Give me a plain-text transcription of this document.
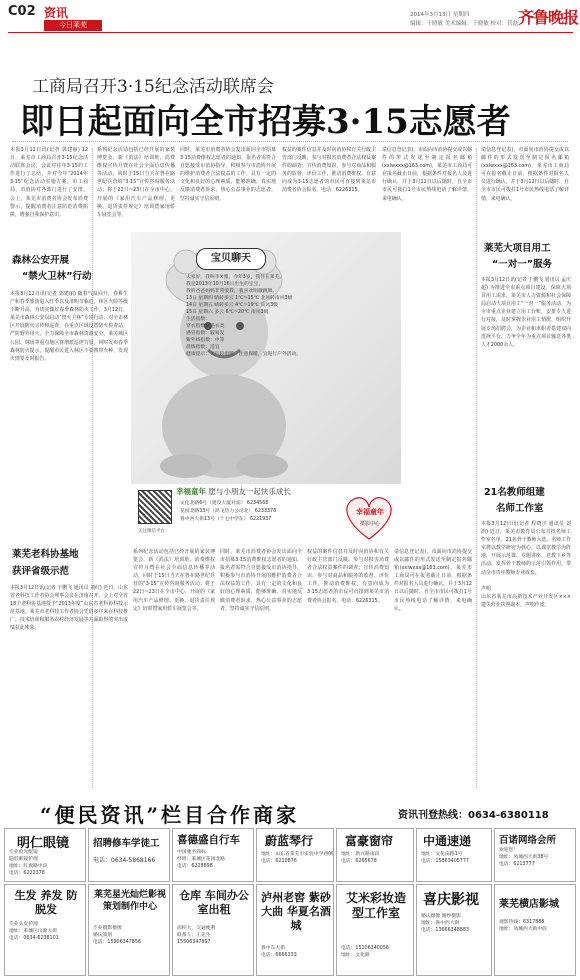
C02 资讯
今日莱芜
2014年3月13日 星期四
编辑：于晓敏 美术编辑：于晓敏 校对：管磊 齐鲁晚报
工商局召开3·15纪念活动联席会
即日起面向全市招募3·15志愿者
本报3月12日讯(记者 郭建丽) 12日，莱芜市工商局召开3·15纪念活动联席会议，会议对往年3·15的工作进行了总结，并对今年“2014年3·15”纪念活动实施方案，市工商局、市消协对各部门进行了安排。会上，莱芜市消费者协会发布消费警示，提醒消费者注意防范消费陷阱，增强自我保护意识。
系列纪念活动包括已经开展的家装博览会、新《消法》培训班、消费维权宣传月暨在社会全面信息传播等活动。同时于15日当天在鲁在路世纪兵营的“3·15”宣传咨询服务活动；将于22日~23日在全市中心，开展的《家用汽车产品修理、更换、退货责任规定》培训暨家用轿车展览会等。
同时，莱芜市消费者协会发出面向全市招募3·15消费维权志愿者的通知，报名者需符合自愿接受市消协指导，积极参与市消协开展的维护消费者合法权益的工作，具有一定的文化和良好的心理素质，能够准确、真实地反映消费者诉求，热心公益事业的志愿者，坚持诚实守信原则。
权益的案件信息并及时向消协和有关行政主管部门反映，参与对损害消费者合法权益案件的调查；宣传消费知识，参与对商品和服务的监督、评价工作，推动消费维权。有意向成为3·15志愿者的市民可直接到莱芜市消费者协会报名，电话：6226315。
请信息登记表)，市面向市消协提交或以邮件的形式发送至制定报名邮箱(xxlwxxx@163.com)，莱芜市工商局可在报名截止日前，根据条件对报名人员进行确认，并于3月12日以后随时，自全市市民可拨打1号市民热线电话了解详情，来电确认。
请信息登记表)，市面向市消协提交或以邮件的形式发送至制定报名邮箱(xxlwxxx@163.com)，莱芜市工商局可在报名截止日前，根据条件对报名人员进行确认，并于3月12日以后随时，自全市市民可拨打1号市民热线电话了解详情，来电确认。
森林公安开展
“禁火卫林”行动
本报3月12日讯(记者 郭建丽) 随着气温回升，春耕生产和春季旅游进入旺季以及清明节临近，林区火险等级不断升高。为切实做好春季森林防火工作，3月12日，莱芜市森林公安局启动“禁火卫林”专项行动，对全市林区开展防火宣传和巡查，在重点区域设置防火检查站，严防野外用火，全力保障全市森林资源安全。莱芜城区公园、林场等重点地区将增派巡逻力量，同时发布春季森林防火提示，提醒市民进入林区不要携带火种，发现火情要及时报告。
莱芜老科协基地
获评省级示范
本报3月12日讯(记者 于鹏飞 通讯员 刘红) 近日，山东省老科技工作者协会理事会议在济南召开，会上对全省18个老科协基地授予“2013年度”山东省老科协科技示范基地。莱芜市老科技工作者协会凭借多年来在科技推广、技术培训和服务农村经济发展等方面取得的突出成绩获此殊荣。
宝贝聊天
大家好，我叫李×雅，今年3岁，我住在莱芜。
我是2013年10月16日出生的宝宝，
我的爸爸妈妈非常爱我，我喜欢唱歌跳舞。
13日 星期四 晴转多云 1℃~15℃ 北风转南风3级
14日 星期五 晴转多云 4℃~19℃ 南风3级
15日 星期六 多云 6℃~20℃ 南风3级
生活指数：
穿衣指数：毛衣类
感冒指数：较易发
紫外线指数：中等
晨练指数：适宜
健康提示：天气较温暖，注意保暖，宜进行户外活动。
关注微信平台
幸福童年 愿与小朋友一起快乐成长
文化北路6号（建设大厦对面） 6234568
花园北路33号（鸿飞热力公司北） 6233378
鲁中西大街13号（十七中学东） 6221937
幸福童年
摄影中心
系列纪念活动包括已经开展的家装博览会、新《消法》培训班、消费维权宣传月暨在社会全面信息传播等活动。同时于15日当天在鲁在路世纪兵营的“3·15”宣传咨询服务活动；将于22日~23日在全市中心，开展的《家用汽车产品修理、更换、退货责任规定》培训暨家用轿车展览会等。
同时，莱芜市消费者协会发出面向全市招募3·15消费维权志愿者的通知，报名者需符合自愿接受市消协指导，积极参与市消协开展的维护消费者合法权益的工作，具有一定的文化和良好的心理素质，能够准确、真实地反映消费者诉求，热心公益事业的志愿者，坚持诚实守信原则。
权益的案件信息并及时向消协和有关行政主管部门反映，参与对损害消费者合法权益案件的调查；宣传消费知识，参与对商品和服务的监督、评价工作，推动消费维权。有意向成为3·15志愿者的市民可直接到莱芜市消费者协会报名，电话：6226315。
请信息登记表)，市面向市消协提交或以邮件的形式发送至制定报名邮箱(xxlwxxx@163.com)，莱芜市工商局可在报名截止日前，根据条件对报名人员进行确认，并于3月12日以后随时，自全市市民可拨打1号市民热线电话了解详情，来电确认。
莱芜大项目用工
“一对一”服务
本报3月12日讯(记者 于鹏飞 通讯员 孟庆超) 为推进全市重点项目建设，保障大项目用工需求，莱芜市人力资源和社会保障局启动大项目用工“一对一”服务活动，为全市重点企业建立用工台账，安排专人进行对接，及时掌握企业用工情况，组织开展专场招聘会，为企业和求职者搭建双向选择平台，力争全年为重点项目输送各类人才2000余人。
21名教师组建
名师工作室
本报3月12日讯(记者 程晓宇 通讯员 刘鸿) 近日，莱芜市教育局公布首批名师工作室名单，21名骨干教师入选。名师工作室将以教学研究为核心，以课堂教学为阵地，开展示范课、专题讲座、送教下乡等活动，发挥骨干教师的示范引领作用，带动全市青年教师专业成长。

声明
山东省莱芜市高新技术产业开发区×××遗失营业执照副本，声明作废。
“便民资讯”栏目合作商家	资讯刊登热线：0634-6380118
明仁眼镜
专业验光配镜
隐形眼镜护理
地址：红旗路中段
电话：6222378
招聘修车学徒工
电话：0634-5868166
喜德盛自行车
中国驰名商标
经销：莱城区花园北路
电话：6228898
蔚蓝琴行
地址：山东省莱芜市实验中学西侧
电话：6210876
富豪窗帘
地址：新兴路南段
电话：6265678
中通速递
地址：文化南路1号
电话：15863405777
百诺网络会所
欢迎您！
地址：凤城西大街38号
电话：6213777
生发 养发 防脱发
专业头皮护理
地址：莱城区汶源大街
电话：0634-6238101
莱芜星光灿烂影视策划制作中心
专业摄影摄像
婚庆策划
电话：15906347856
仓库 车间办公室出租
面积大，交通便利
联系人：王先生
15506347897
泸州老窖 紫砂大曲 华夏名酒城
鲁中东大街
电话：6666333
艾米彩妆造型工作室
电话：15106340056
地址：文化路
喜庆影视
婚庆摄像 婚纱摄影
地址：鲁中西大街
电话：13666348883
莱芜横店影城
观影热线：6317888
地址：凤城西大街中段
